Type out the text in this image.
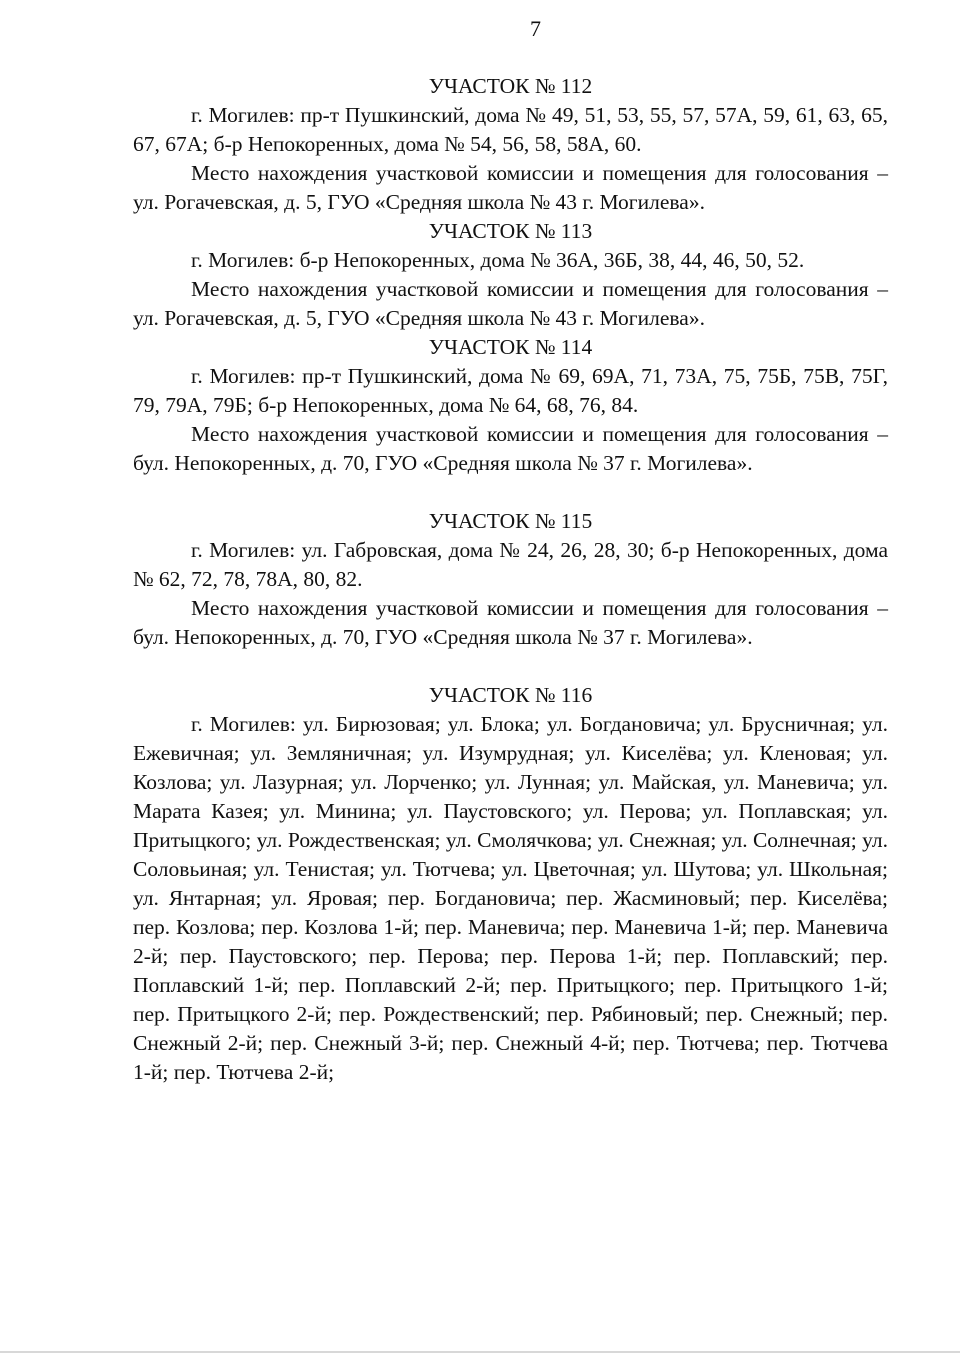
7

УЧАСТОК № 112

г. Могилев: пр-т Пушкинский, дома № 49, 51, 53, 55, 57, 57А, 59, 61, 63, 65, 67, 67А; б-р Непокоренных, дома № 54, 56, 58, 58А, 60.

Место нахождения участковой комиссии и помещения для голосования – ул. Рогачевская, д. 5, ГУО «Средняя школа № 43 г. Могилева».

УЧАСТОК № 113

г. Могилев: б-р Непокоренных, дома № 36А, 36Б, 38, 44, 46, 50, 52.

Место нахождения участковой комиссии и помещения для голосования – ул. Рогачевская, д. 5, ГУО «Средняя школа № 43 г. Могилева».

УЧАСТОК № 114

г. Могилев: пр-т Пушкинский, дома № 69, 69А, 71, 73А, 75, 75Б, 75В, 75Г, 79, 79А, 79Б; б-р Непокоренных, дома № 64, 68, 76, 84.

Место нахождения участковой комиссии и помещения для голосования – бул. Непокоренных, д. 70, ГУО «Средняя школа № 37 г. Могилева».

УЧАСТОК № 115

г. Могилев: ул. Габровская, дома № 24, 26, 28, 30; б-р Непокоренных, дома № 62, 72, 78, 78А, 80, 82.

Место нахождения участковой комиссии и помещения для голосования – бул. Непокоренных, д. 70, ГУО «Средняя школа № 37 г. Могилева».

УЧАСТОК № 116

г. Могилев: ул. Бирюзовая; ул. Блока; ул. Богдановича; ул. Брусничная; ул. Ежевичная; ул. Земляничная; ул. Изумрудная; ул. Киселёва; ул. Кленовая; ул. Козлова; ул. Лазурная; ул. Лорченко; ул. Лунная; ул. Майская, ул. Маневича; ул. Марата Казея; ул. Минина; ул. Паустовского; ул. Перова; ул. Поплавская; ул. Притыцкого; ул. Рождественская; ул. Смолячкова; ул. Снежная; ул. Солнечная; ул. Соловьиная; ул. Тенистая; ул. Тютчева; ул. Цветочная; ул. Шутова; ул. Школьная; ул. Янтарная; ул. Яровая; пер. Богдановича; пер. Жасминовый; пер. Киселёва; пер. Козлова; пер. Козлова 1-й; пер. Маневича; пер. Маневича 1-й; пер. Маневича 2-й; пер. Паустовского; пер. Перова; пер. Перова 1-й; пер. Поплавский; пер. Поплавский 1-й; пер. Поплавский 2-й; пер. Притыцкого; пер. Притыцкого 1-й; пер. Притыцкого 2-й; пер. Рождественский; пер. Рябиновый; пер. Снежный; пер. Снежный 2-й; пер. Снежный 3-й; пер. Снежный 4-й; пер. Тютчева; пер. Тютчева 1-й; пер. Тютчева 2-й;
